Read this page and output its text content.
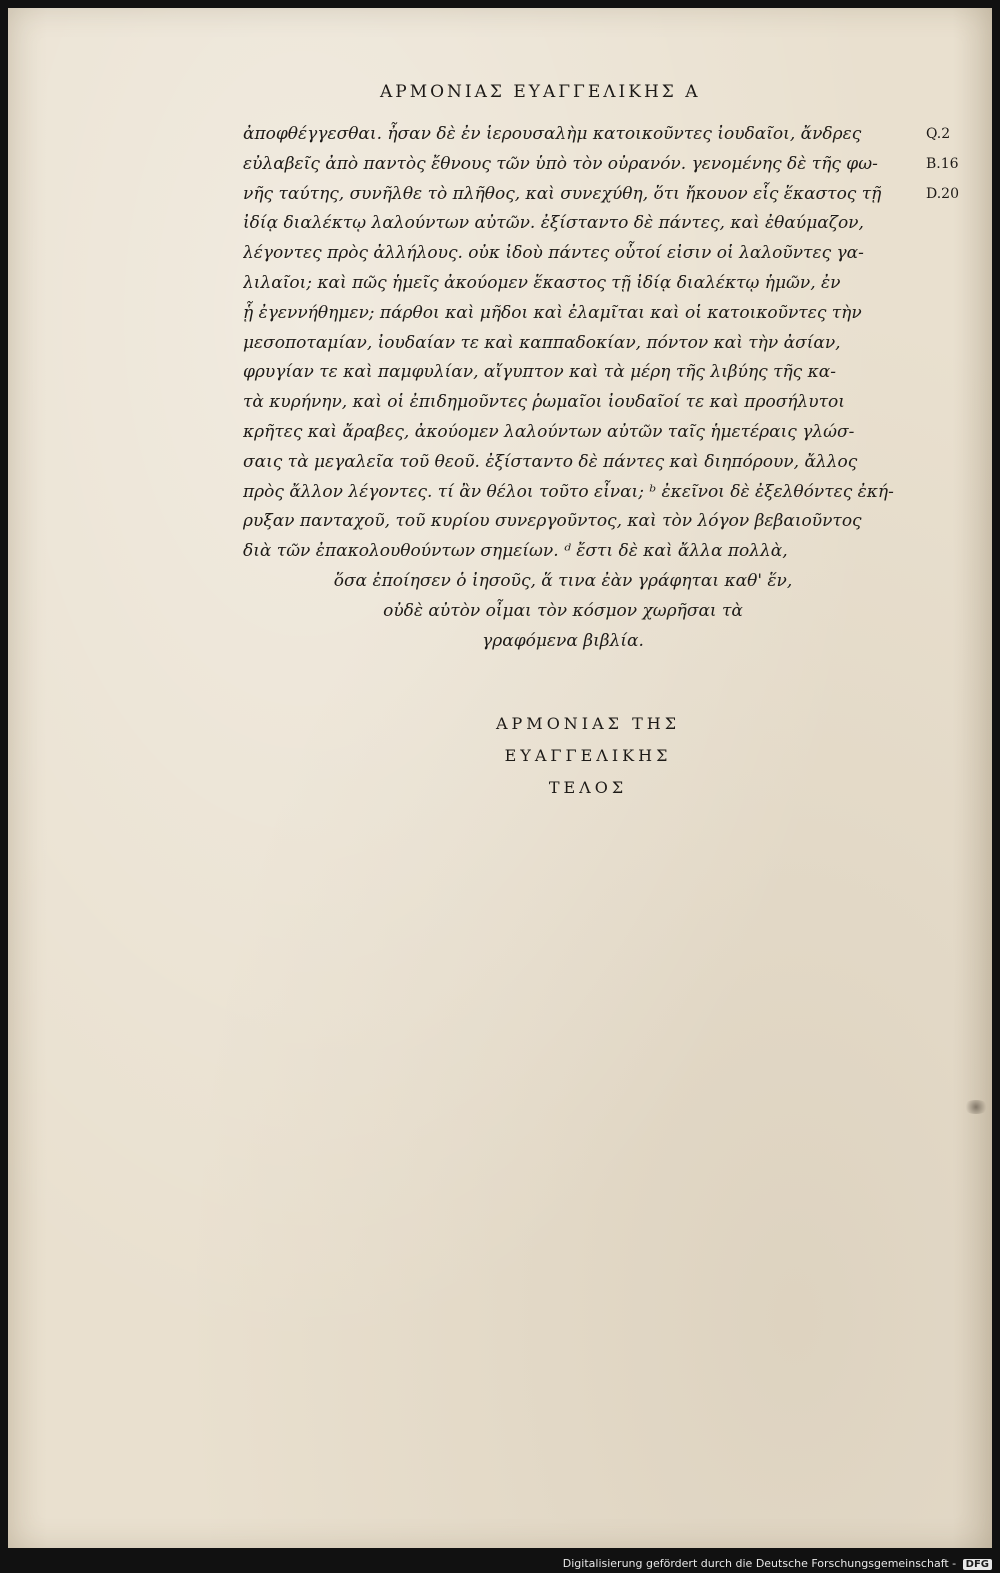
ΑΡΜΟΝΙΑΣ ΕΥΑΓΓΕΛΙΚΗΣ Α
ἀποφθέγγεσθαι. ἦσαν δὲ ἐν ἱερουσαλὴμ κατοικοῦντες ἰουδαῖοι, ἄνδρες
εὐλαβεῖς ἀπὸ παντὸς ἔθνους τῶν ὑπὸ τὸν οὐρανόν. γενομένης δὲ τῆς φω-
νῆς ταύτης, συνῆλθε τὸ πλῆθος, καὶ συνεχύθη, ὅτι ἤκουον εἷς ἕκαστος τῇ
ἰδίᾳ διαλέκτῳ λαλούντων αὐτῶν. ἐξίσταντο δὲ πάντες, καὶ ἐθαύμαζον,
λέγοντες πρὸς ἀλλήλους. οὐκ ἰδοὺ πάντες οὗτοί εἰσιν οἱ λαλοῦντες γα-
λιλαῖοι; καὶ πῶς ἡμεῖς ἀκούομεν ἕκαστος τῇ ἰδίᾳ διαλέκτῳ ἡμῶν, ἐν
ᾗ ἐγεννήθημεν; πάρθοι καὶ μῆδοι καὶ ἐλαμῖται καὶ οἱ κατοικοῦντες τὴν
μεσοποταμίαν, ἰουδαίαν τε καὶ καππαδοκίαν, πόντον καὶ τὴν ἀσίαν,
φρυγίαν τε καὶ παμφυλίαν, αἴγυπτον καὶ τὰ μέρη τῆς λιβύης τῆς κα-
τὰ κυρήνην, καὶ οἱ ἐπιδημοῦντες ῥωμαῖοι ἰουδαῖοί τε καὶ προσήλυτοι
κρῆτες καὶ ἄραβες, ἀκούομεν λαλούντων αὐτῶν ταῖς ἡμετέραις γλώσ-
σαις τὰ μεγαλεῖα τοῦ θεοῦ. ἐξίσταντο δὲ πάντες καὶ διηπόρουν, ἄλλος
πρὸς ἄλλον λέγοντες. τί ἂν θέλοι τοῦτο εἶναι; ᵇ ἐκεῖνοι δὲ ἐξελθόντες ἐκή-
ρυξαν πανταχοῦ, τοῦ κυρίου συνεργοῦντος, καὶ τὸν λόγον βεβαιοῦντος
διὰ τῶν ἐπακολουθούντων σημείων. ᵈ ἔστι δὲ καὶ ἄλλα πολλὰ,
ὅσα ἐποίησεν ὁ ἰησοῦς, ἅ τινα ἐὰν γράφηται καθ' ἕν,
οὐδὲ αὐτὸν οἶμαι τὸν κόσμον χωρῆσαι τὰ
γραφόμενα βιβλία.
Q.2
B.16
D.20
ΑΡΜΟΝΙΑΣ ΤΗΣ
ΕΥΑΓΓΕΛΙΚΗΣ
ΤΕΛΟΣ
Digitalisierung gefördert durch die Deutsche Forschungsgemeinschaft - DFG
